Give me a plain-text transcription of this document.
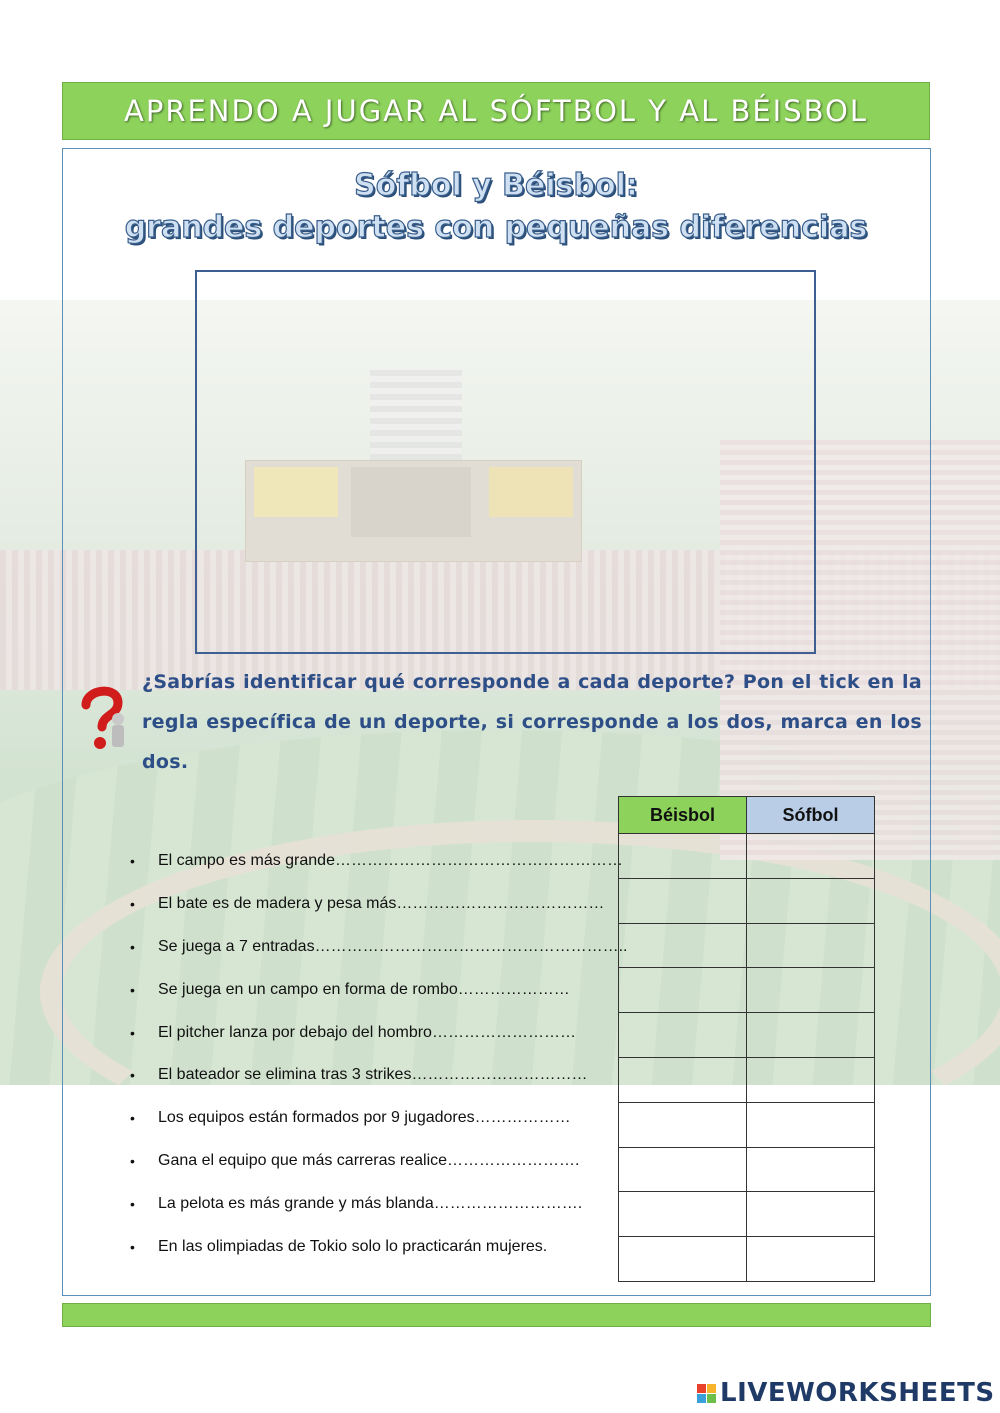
APRENDO A JUGAR AL SÓFTBOL Y AL BÉISBOL
Sófbol y Béisbol:
grandes deportes con pequeñas diferencias
¿Sabrías identificar qué corresponde a cada deporte? Pon el tick en la regla específica de un deporte, si corresponde a los dos, marca en los dos.
•	El campo es más grande………………………………………………
•	El bate es de madera y pesa más…………………………………
•	Se juega a 7 entradas…………………………………………………..
•	Se juega en un campo en forma de rombo…………………
•	El pitcher lanza por debajo del hombro………………………
•	El bateador se elimina tras 3 strikes……………………………
•	Los equipos están formados por 9 jugadores………………
•	Gana el equipo que más carreras realice…………………….
•	La pelota es más grande y más blanda……………………….
•	En las olimpiadas de Tokio solo lo practicarán mujeres.
Béisbol	Sófbol

LIVEWORKSHEETS
